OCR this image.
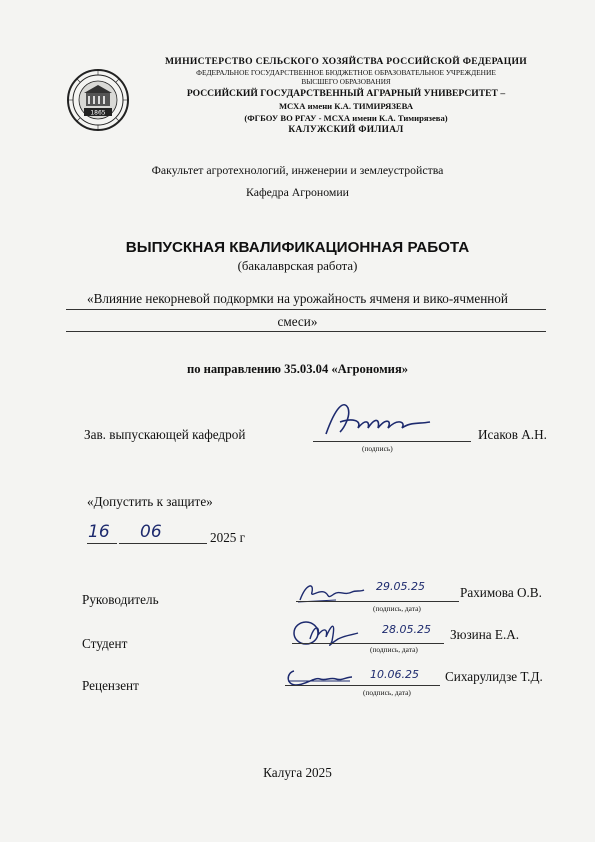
1865
МИНИСТЕРСТВО СЕЛЬСКОГО ХОЗЯЙСТВА РОССИЙСКОЙ ФЕДЕРАЦИИ
ФЕДЕРАЛЬНОЕ ГОСУДАРСТВЕННОЕ БЮДЖЕТНОЕ ОБРАЗОВАТЕЛЬНОЕ УЧРЕЖДЕНИЕ
ВЫСШЕГО ОБРАЗОВАНИЯ
РОССИЙСКИЙ ГОСУДАРСТВЕННЫЙ АГРАРНЫЙ УНИВЕРСИТЕТ –
МСХА имени К.А. ТИМИРЯЗЕВА
(ФГБОУ ВО РГАУ - МСХА имени К.А. Тимирязева)
КАЛУЖСКИЙ ФИЛИАЛ
Факультет агротехнологий, инженерии и землеустройства
Кафедра Агрономии
ВЫПУСКНАЯ КВАЛИФИКАЦИОННАЯ РАБОТА
(бакалаврская работа)
«Влияние некорневой подкормки на урожайность ячменя и вико-ячменной
смеси»
по направлению 35.03.04 «Агрономия»
Зав. выпускающей кафедрой
(подпись)
Исаков А.Н.
«Допустить к защите»
16 06	2025 г
Руководитель
29.05.25
(подпись, дата)
Рахимова О.В.
Студент
28.05.25
(подпись, дата)
Зюзина Е.А.
Рецензент
10.06.25
(подпись, дата)
Сихарулидзе Т.Д.
Калуга 2025
